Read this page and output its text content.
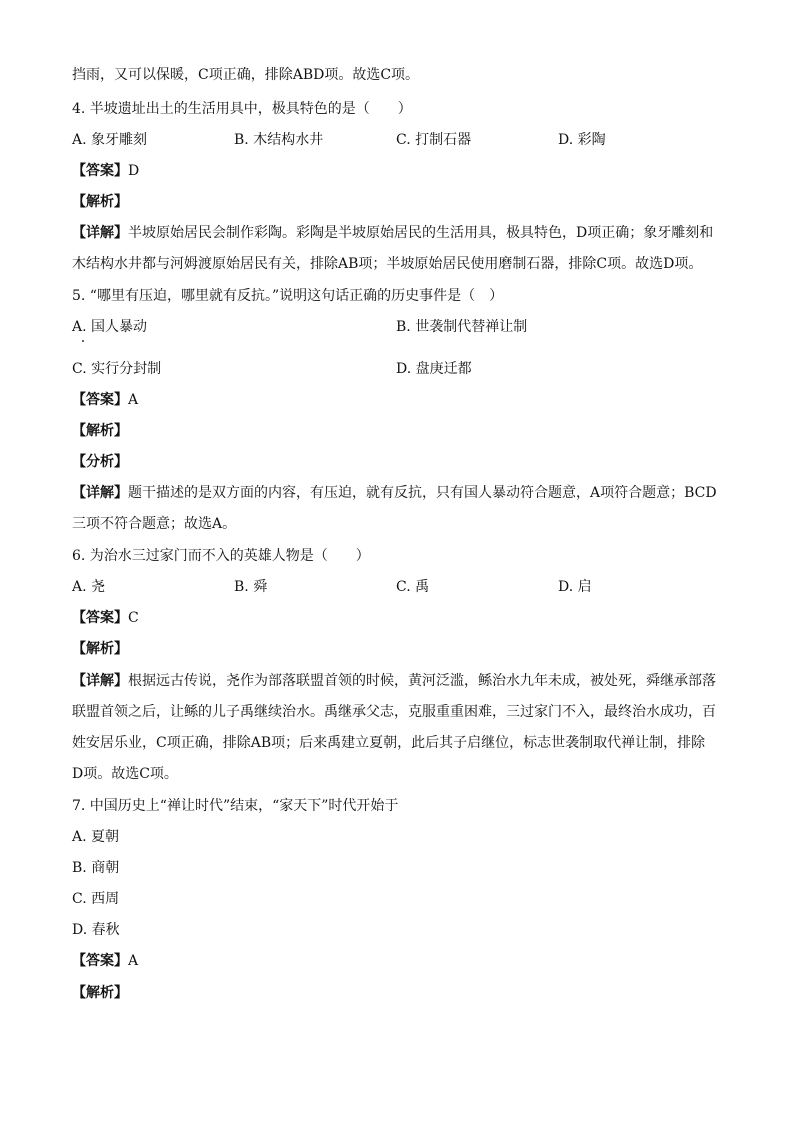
挡雨，又可以保暖，C项正确，排除ABD项。故选C项。
4. 半坡遗址出土的生活用具中，极具特色的是（　　）
A. 象牙雕刻	B. 木结构水井	C. 打制石器	D. 彩陶
【答案】D
【解析】
【详解】半坡原始居民会制作彩陶。彩陶是半坡原始居民的生活用具，极具特色，D项正确；象牙雕刻和
木结构水井都与河姆渡原始居民有关，排除AB项；半坡原始居民使用磨制石器，排除C项。故选D项。
5. “哪里有压迫，哪里就有反抗。”说明这句话正确的历史事件是（　）
A. 国人暴动	B. 世袭制代替禅让制
C. 实行分封制	D. 盘庚迁都
【答案】A
【解析】
【分析】
【详解】题干描述的是双方面的内容，有压迫，就有反抗，只有国人暴动符合题意，A项符合题意；BCD
三项不符合题意；故选A。
6. 为治水三过家门而不入的英雄人物是（　　）
A. 尧	B. 舜	C. 禹	D. 启
【答案】C
【解析】
【详解】根据远古传说，尧作为部落联盟首领的时候，黄河泛滥，鲧治水九年未成，被处死，舜继承部落
联盟首领之后，让鲧的儿子禹继续治水。禹继承父志，克服重重困难，三过家门不入，最终治水成功，百
姓安居乐业，C项正确，排除AB项；后来禹建立夏朝，此后其子启继位，标志世袭制取代禅让制，排除
D项。故选C项。
7. 中国历史上“禅让时代”结束，“家天下”时代开始于
A. 夏朝
B. 商朝
C. 西周
D. 春秋
【答案】A
【解析】
